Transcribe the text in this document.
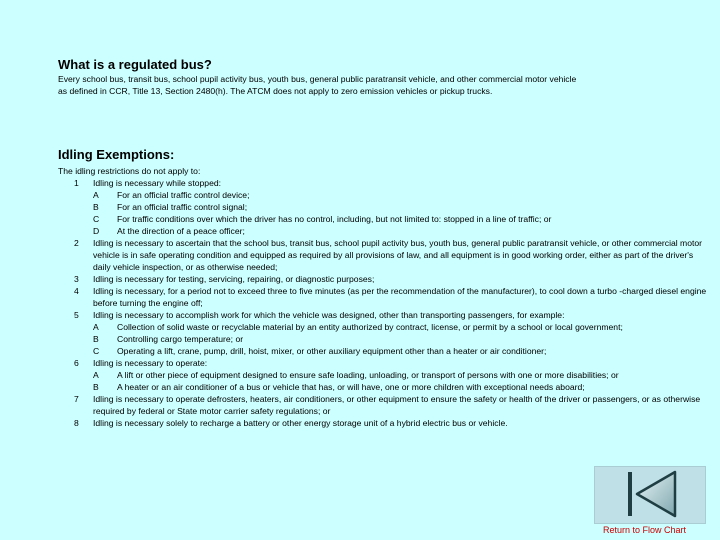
What is a regulated bus?
Every school bus, transit bus, school pupil activity bus, youth bus, general public paratransit vehicle, and other commercial motor vehicle as defined in CCR, Title 13, Section 2480(h). The ATCM does not apply to zero emission vehicles or pickup trucks.
Idling Exemptions:
The idling restrictions do not apply to:
1	Idling is necessary while stopped:
A	For an official traffic control device;
B	For an official traffic control signal;
C	For traffic conditions over which the driver has no control, including, but not limited to: stopped in a line of traffic; or
D	At the direction of a peace officer;
2	Idling is necessary to ascertain that the school bus, transit bus, school pupil activity bus, youth bus, general public paratransit vehicle, or other commercial motor vehicle is in safe operating condition and equipped as required by all provisions of law, and all equipment is in good working order, either as part of the driver's daily vehicle inspection, or as otherwise needed;
3	Idling is necessary for testing, servicing, repairing, or diagnostic purposes;
4	Idling is necessary, for a period not to exceed three to five minutes (as per the recommendation of the manufacturer), to cool down a turbo -charged diesel engine before turning the engine off;
5	Idling is necessary to accomplish work for which the vehicle was designed, other than transporting passengers, for example:
A	Collection of solid waste or recyclable material by an entity authorized by contract, license, or permit by a school or local government;
B	Controlling cargo temperature; or
C	Operating a lift, crane, pump, drill, hoist, mixer, or other auxiliary equipment other than a heater or air conditioner;
6	Idling is necessary to operate:
A	A lift or other piece of equipment designed to ensure safe loading, unloading, or transport of persons with one or more disabilities; or
B	A heater or an air conditioner of a bus or vehicle that has, or will have, one or more children with exceptional needs aboard;
7	Idling is necessary to operate defrosters, heaters, air conditioners, or other equipment to ensure the safety or health of the driver or passengers, or as otherwise required by federal or State motor carrier safety regulations; or
8	Idling is necessary solely to recharge a battery or other energy storage unit of a hybrid electric bus or vehicle.
Return to Flow Chart
